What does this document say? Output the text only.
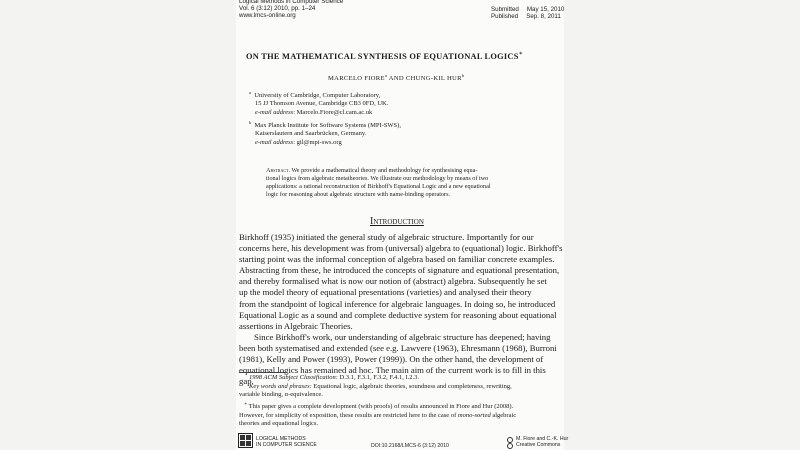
Logical Methods in Computer Science
Vol. 6 (3:12) 2010, pp. 1–24
www.lmcs-online.org
Submitted May 15, 2010
Published Sep. 8, 2011
ON THE MATHEMATICAL SYNTHESIS OF EQUATIONAL LOGICS∗
MARCELO FIORE$^a$ AND CHUNG-KIL HUR$^b$
$^a$ University of Cambridge, Computer Laboratory,
15 JJ Thomson Avenue, Cambridge CB3 0FD, UK.
e-mail address: Marcelo.Fiore@cl.cam.ac.uk
$^b$ Max Planck Institute for Software Systems (MPI-SWS),
Kaiserslautern and Saarbrücken, Germany.
e-mail address: gil@mpi-sws.org
Abstract. We provide a mathematical theory and methodology for synthesising equa-
tional logics from algebraic metatheories. We illustrate our methodology by means of two
applications: a rational reconstruction of Birkhoff's Equational Logic and a new equational
logic for reasoning about algebraic structure with name-binding operators.
Introduction
Birkhoff (1935) initiated the general study of algebraic structure. Importantly for our
concerns here, his development was from (universal) algebra to (equational) logic. Birkhoff's
starting point was the informal conception of algebra based on familiar concrete examples.
Abstracting from these, he introduced the concepts of signature and equational presentation,
and thereby formalised what is now our notion of (abstract) algebra. Subsequently he set
up the model theory of equational presentations (varieties) and analysed their theory
from the standpoint of logical inference for algebraic languages. In doing so, he introduced
Equational Logic as a sound and complete deductive system for reasoning about equational
assertions in Algebraic Theories.
Since Birkhoff's work, our understanding of algebraic structure has deepened; having
been both systematised and extended (see e.g. Lawvere (1963), Ehresmann (1968), Burroni
(1981), Kelly and Power (1993), Power (1999)). On the other hand, the development of
equational logics has remained ad hoc. The main aim of the current work is to fill in this
gap.
1998 ACM Subject Classification: D.3.1, F.3.1, F.3.2, F.4.1, I.2.3.
Key words and phrases: Equational logic, algebraic theories, soundness and completeness, rewriting,
variable binding, α-equivalence.
∗ This paper gives a complete development (with proofs) of results announced in Fiore and Hur (2008).
However, for simplicity of exposition, these results are restricted here to the case of mono-sorted algebraic
theories and equational logics.
LOGICAL METHODS
IN COMPUTER SCIENCE	DOI:10.2168/LMCS-6 (3:12) 2010
M. Fiore and C.-K. Hur
Creative Commons
